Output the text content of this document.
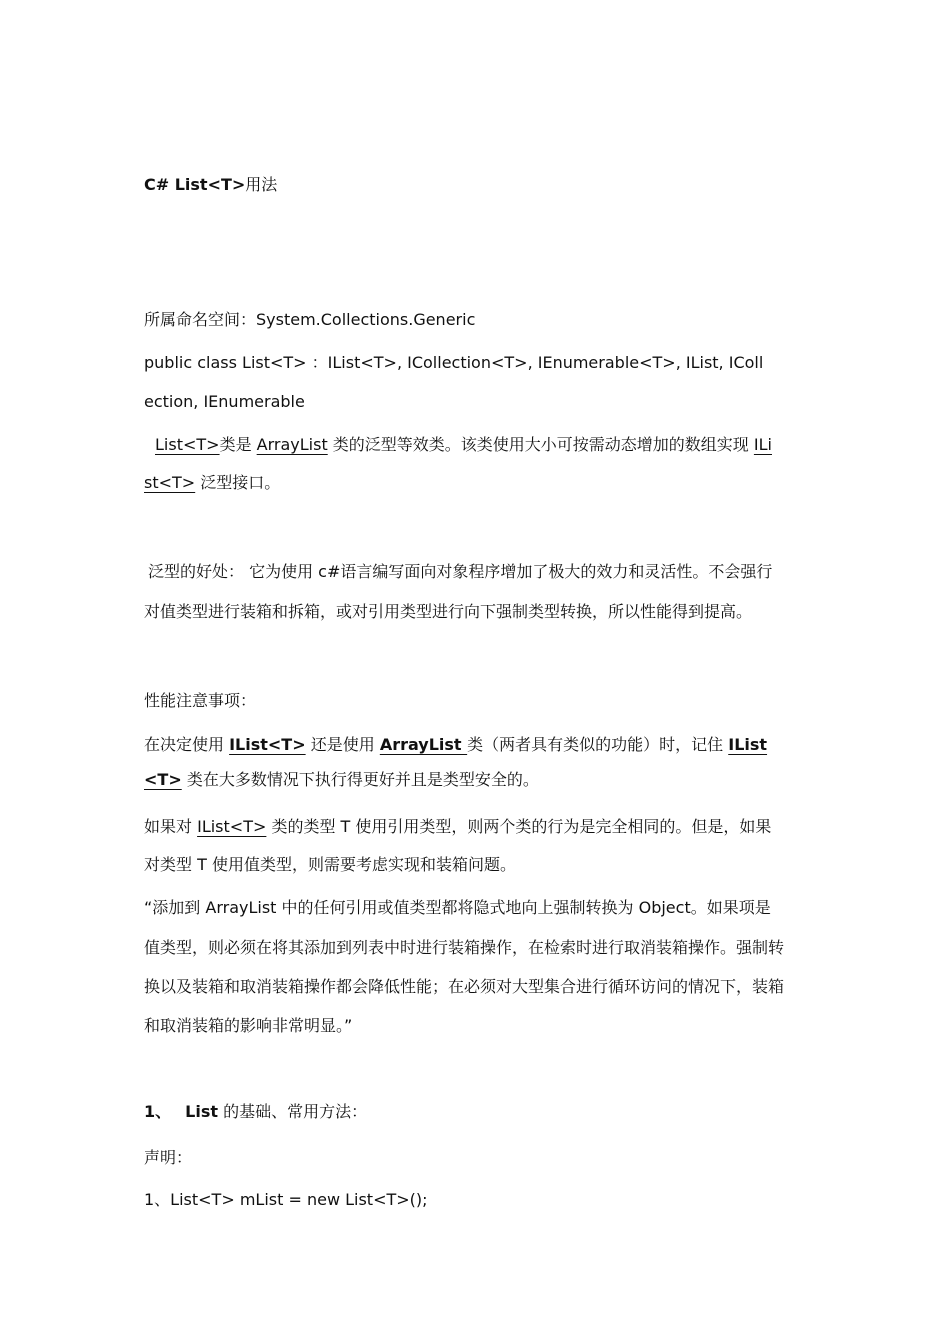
C# List<T>用法
所属命名空间：System.Collections.Generic
public class List<T> ：IList<T>, ICollection<T>, IEnumerable<T>, IList, IColl
ection, IEnumerable
List<T>类是 ArrayList 类的泛型等效类。该类使用大小可按需动态增加的数组实现 ILi
st<T> 泛型接口。
泛型的好处： 它为使用 c#语言编写面向对象程序增加了极大的效力和灵活性。不会强行
对值类型进行装箱和拆箱，或对引用类型进行向下强制类型转换，所以性能得到提高。
性能注意事项：
在决定使用 IList<T> 还是使用 ArrayList 类（两者具有类似的功能）时，记住 IList
<T> 类在大多数情况下执行得更好并且是类型安全的。
如果对 IList<T> 类的类型 T 使用引用类型，则两个类的行为是完全相同的。但是，如果
对类型 T 使用值类型，则需要考虑实现和装箱问题。
“添加到 ArrayList 中的任何引用或值类型都将隐式地向上强制转换为 Object。如果项是
值类型，则必须在将其添加到列表中时进行装箱操作，在检索时进行取消装箱操作。强制转
换以及装箱和取消装箱操作都会降低性能；在必须对大型集合进行循环访问的情况下，装箱
和取消装箱的影响非常明显。”
1、 List 的基础、常用方法：
声明：
1、List<T> mList = new List<T>();
